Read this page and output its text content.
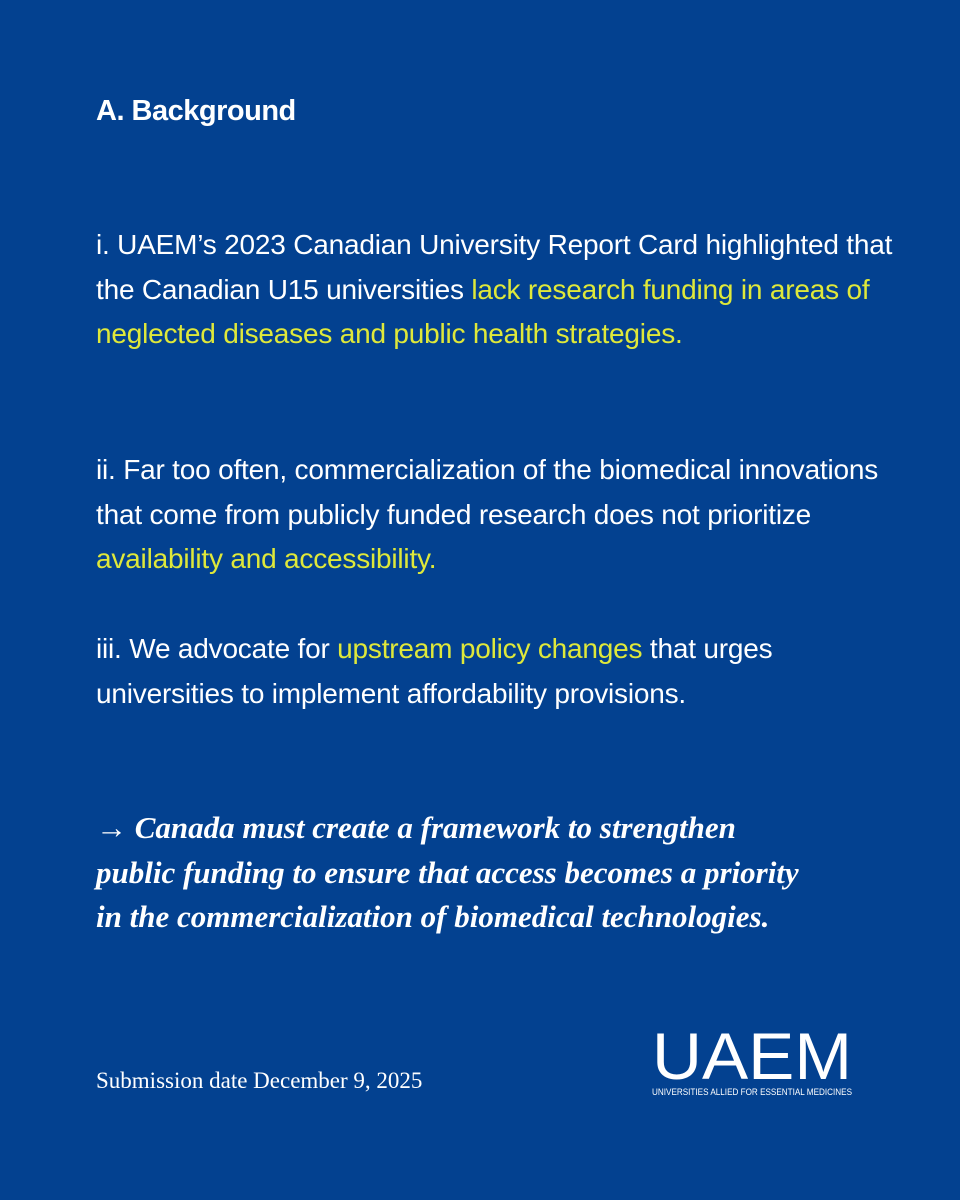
A. Background

i. UAEM’s 2023 Canadian University Report Card highlighted that the Canadian U15 universities lack research funding in areas of neglected diseases and public health strategies.

ii. Far too often, commercialization of the biomedical innovations that come from publicly funded research does not prioritize availability and accessibility.

iii. We advocate for upstream policy changes that urges universities to implement affordability provisions.

→ Canada must create a framework to strengthen
public funding to ensure that access becomes a priority
in the commercialization of biomedical technologies.

Submission date December 9, 2025	UAEM
UNIVERSITIES ALLIED FOR ESSENTIAL MEDICINES
